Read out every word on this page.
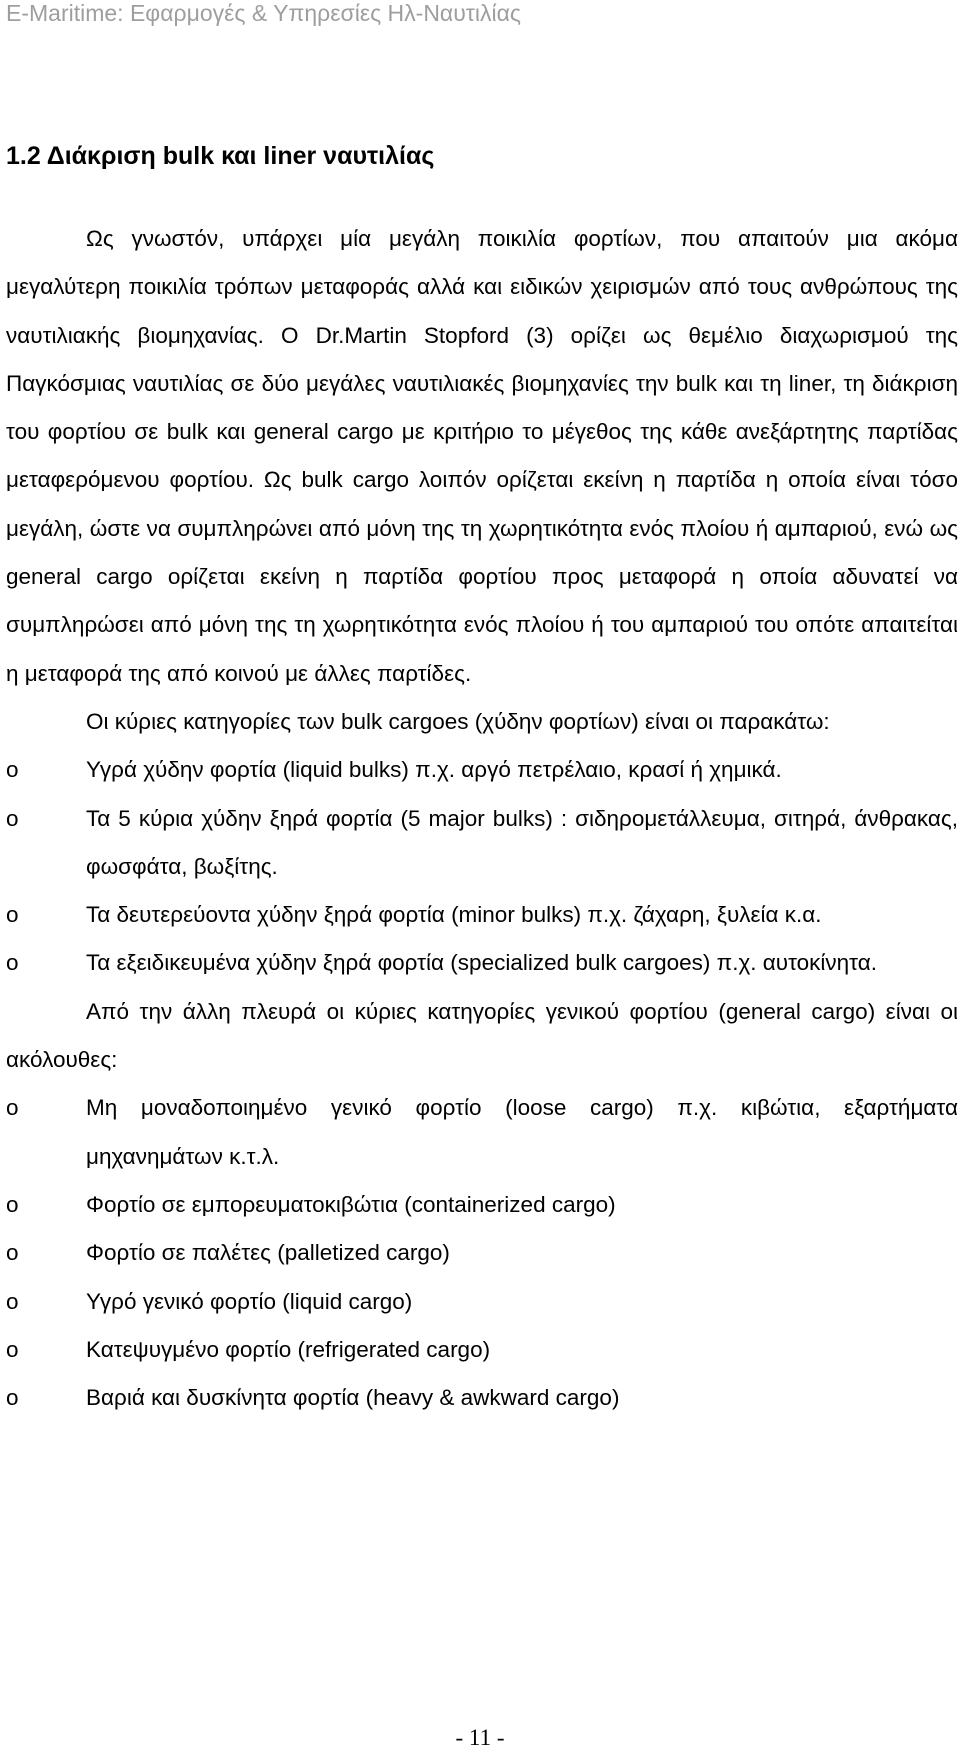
E-Maritime: Εφαρμογές & Υπηρεσίες Ηλ-Ναυτιλίας
1.2 Διάκριση bulk και liner ναυτιλίας

Ως γνωστόν, υπάρχει μία μεγάλη ποικιλία φορτίων, που απαιτούν μια ακόμα μεγαλύτερη ποικιλία τρόπων μεταφοράς αλλά και ειδικών χειρισμών από τους ανθρώπους της ναυτιλιακής βιομηχανίας. Ο Dr.Martin Stopford (3) ορίζει ως θεμέλιο διαχωρισμού της Παγκόσμιας ναυτιλίας σε δύο μεγάλες ναυτιλιακές βιομηχανίες την bulk και τη liner, τη διάκριση του φορτίου σε bulk και general cargo με κριτήριο το μέγεθος της κάθε ανεξάρτητης παρτίδας μεταφερόμενου φορτίου. Ως bulk cargo λοιπόν ορίζεται εκείνη η παρτίδα η οποία είναι τόσο μεγάλη, ώστε να συμπληρώνει από μόνη της τη χωρητικότητα ενός πλοίου ή αμπαριού, ενώ ως general cargo ορίζεται εκείνη η παρτίδα φορτίου προς μεταφορά η οποία αδυνατεί να συμπληρώσει από μόνη της τη χωρητικότητα ενός πλοίου ή του αμπαριού του οπότε απαιτείται η μεταφορά της από κοινού με άλλες παρτίδες.

Οι κύριες κατηγορίες των bulk cargoes (χύδην φορτίων) είναι οι παρακάτω:

o	Υγρά χύδην φορτία (liquid bulks) π.χ. αργό πετρέλαιο, κρασί ή χημικά.
o	Τα 5 κύρια χύδην ξηρά φορτία (5 major bulks) : σιδηρομετάλλευμα, σιτηρά, άνθρακας, φωσφάτα, βωξίτης.
o	Τα δευτερεύοντα χύδην ξηρά φορτία (minor bulks) π.χ. ζάχαρη, ξυλεία κ.α.
o	Τα εξειδικευμένα χύδην ξηρά φορτία (specialized bulk cargoes) π.χ. αυτοκίνητα.

Από την άλλη πλευρά οι κύριες κατηγορίες γενικού φορτίου (general cargo) είναι οι ακόλουθες:

o	Μη μοναδοποιημένο γενικό φορτίο (loose cargo) π.χ. κιβώτια, εξαρτήματα μηχανημάτων κ.τ.λ.
o	Φορτίο σε εμπορευματοκιβώτια (containerized cargo)
o	Φορτίο σε παλέτες (palletized cargo)
o	Υγρό γενικό φορτίο (liquid cargo)
o	Κατεψυγμένο φορτίο (refrigerated cargo)
o	Βαριά και δυσκίνητα φορτία (heavy & awkward cargo)
- 11 -
